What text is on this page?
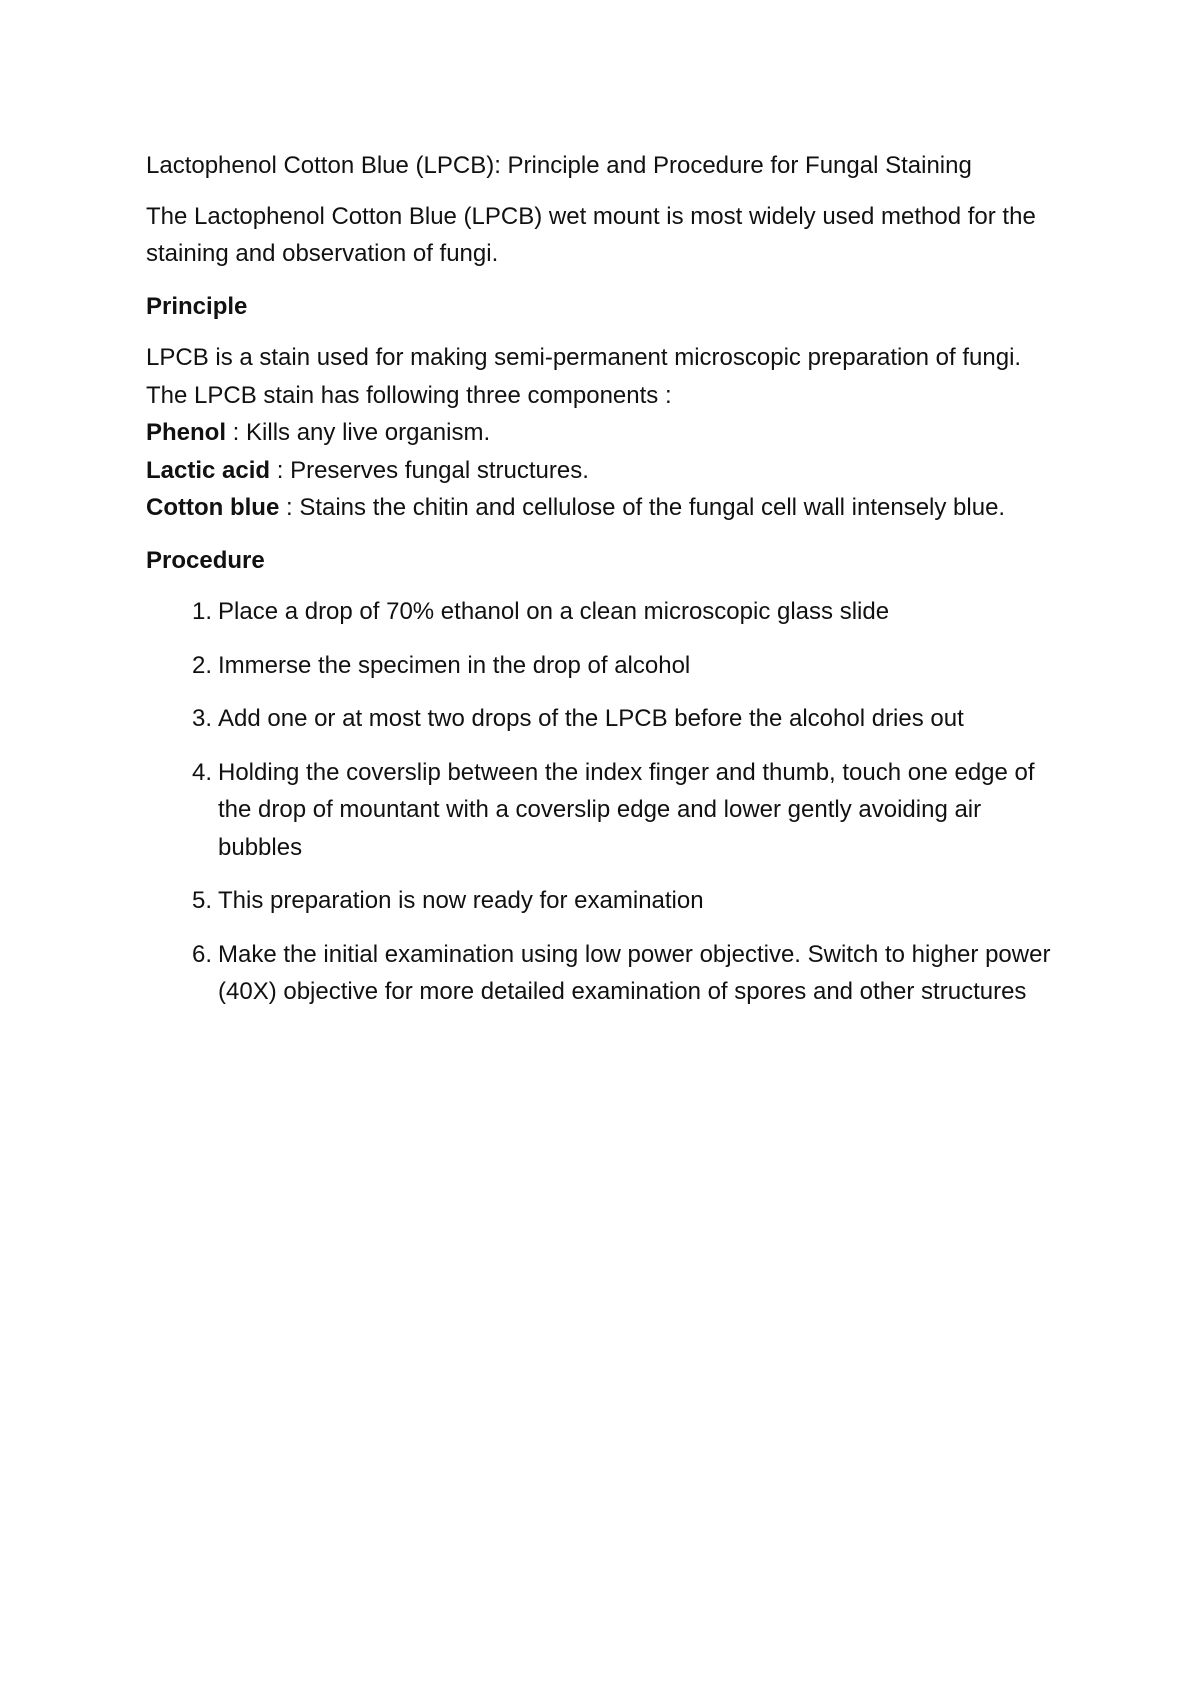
Lactophenol Cotton Blue (LPCB): Principle and Procedure for Fungal Staining

The Lactophenol Cotton Blue (LPCB) wet mount is most widely used method for the staining and observation of fungi.

Principle

LPCB is a stain used for making semi-permanent microscopic preparation of fungi. The LPCB stain has following three components :
Phenol : Kills any live organism.
Lactic acid : Preserves fungal structures.
Cotton blue : Stains the chitin and cellulose of the fungal cell wall intensely blue.

Procedure

1. Place a drop of 70% ethanol on a clean microscopic glass slide
2. Immerse the specimen in the drop of alcohol
3. Add one or at most two drops of the LPCB before the alcohol dries out
4. Holding the coverslip between the index finger and thumb, touch one edge of the drop of mountant with a coverslip edge and lower gently avoiding air bubbles
5. This preparation is now ready for examination
6. Make the initial examination using low power objective. Switch to higher power (40X) objective for more detailed examination of spores and other structures
